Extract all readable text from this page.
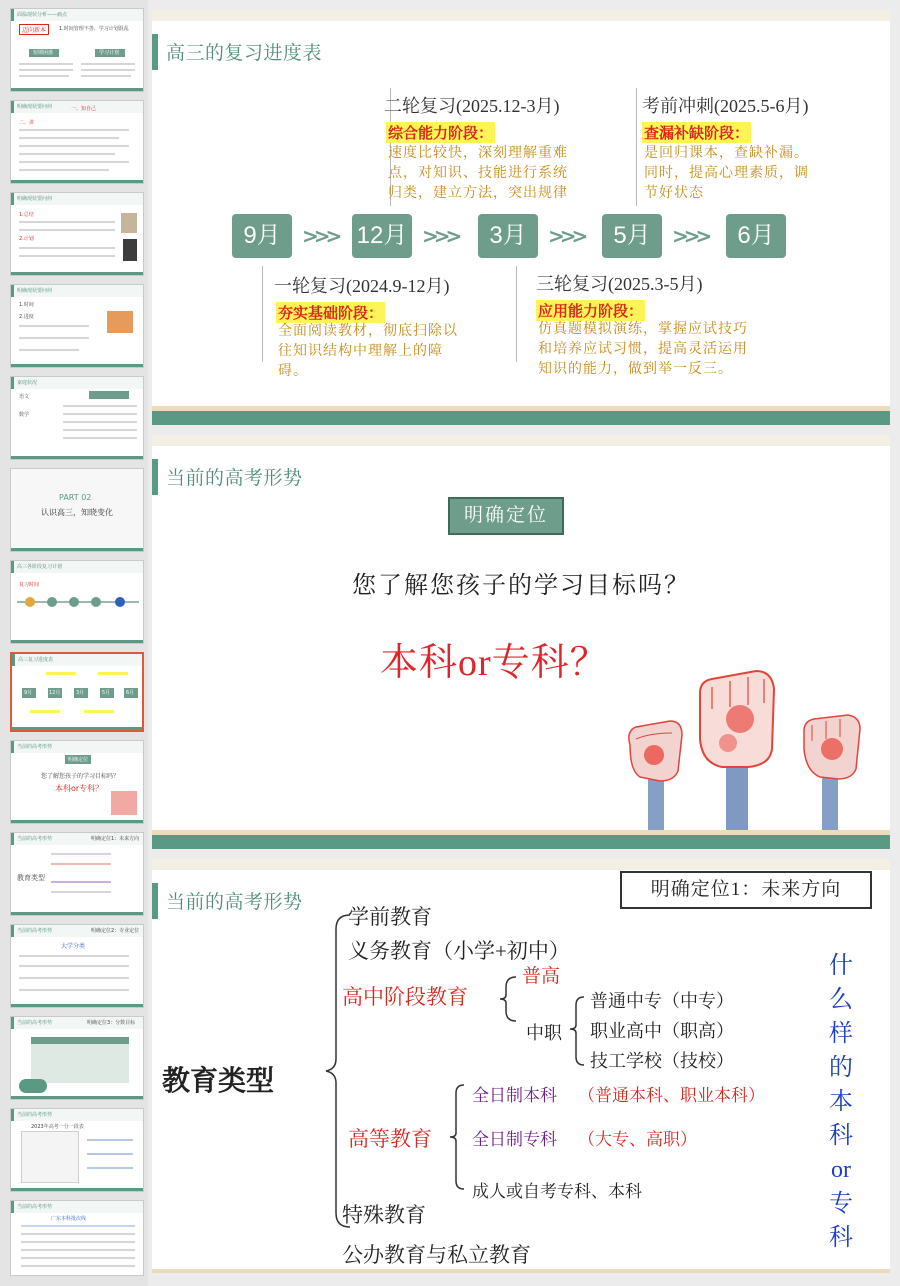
面临现状分析——痛点
迈向新本	1.时间管理不善、学习计划混乱
短期困惑	学习计划
明确现状要问何	一、知自己
二、讲
明确现状要问何
1.总结
2.计划
明确现状要问何
1.时间
2.进度
家庭状况
语文
数学
PART 02
认识高三，知晓变化
高三各阶段复习计划
复习时间
高三复习进度表
9月	12月	3月	5月	6月
当前的高考形势
明确定位
您了解您孩子的学习目标吗？
本科or专科？
当前的高考形势
教育类型
明确定位1：未来方向
当前的高考形势
大学分类
明确定位2：专业定位
当前的高考形势	明确定位3：分数目标
当前的高考形势
2023年高考一分一段表
当前的高考形势
广东本科批次线
高三的复习进度表
二轮复习(2025.12-3月)
综合能力阶段：
速度比较快，深刻理解重难点，对知识、技能进行系统归类，建立方法，突出规律
考前冲刺(2025.5-6月)
查漏补缺阶段：
是回归课本，查缺补漏。同时，提高心理素质，调节好状态
9月	>>> 12月 >>>	3月	>>>	5月	>>>	6月
一轮复习(2024.9-12月)
夯实基础阶段：
全面阅读教材，彻底扫除以往知识结构中理解上的障碍。
三轮复习(2025.3-5月)
应用能力阶段：
仿真题模拟演练，掌握应试技巧和培养应试习惯，提高灵活运用知识的能力，做到举一反三。
当前的高考形势
明确定位
您了解您孩子的学习目标吗？
本科or专科？
当前的高考形势
明确定位1：未来方向
学前教育
义务教育（小学+初中）
高中阶段教育
普高
中职
普通中专（中专）
职业高中（职高）
技工学校（技校）
教育类型
高等教育
全日制本科 （普通本科、职业本科）
全日制专科 （大专、高职）
成人或自考专科、本科
特殊教育
公办教育与私立教育
什
么
样
的
本
科
or
专
科
